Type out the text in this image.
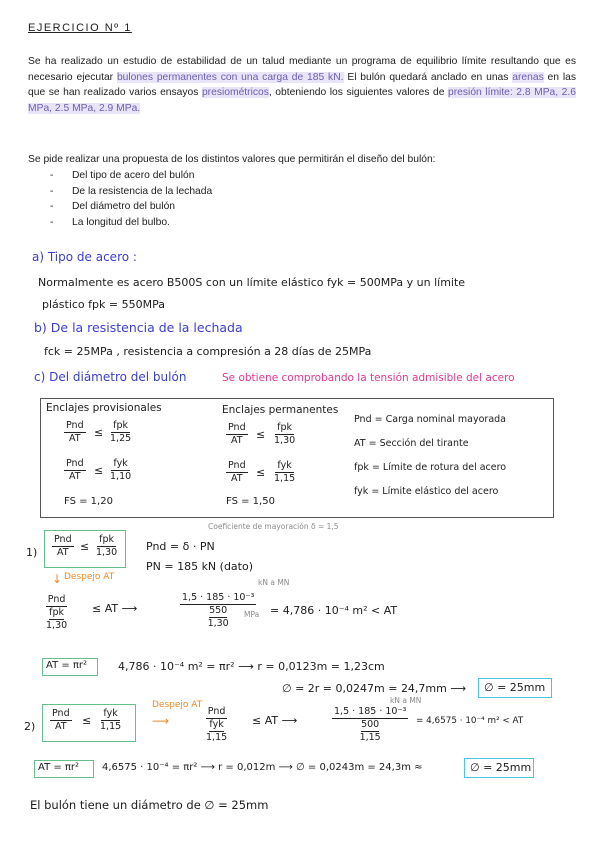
EJERCICIO Nº 1
Se ha realizado un estudio de estabilidad de un talud mediante un programa de equilibrio límite resultando que es necesario ejecutar bulones permanentes con una carga de 185 kN. El bulón quedará anclado en unas arenas en las que se han realizado varios ensayos presiométricos, obteniendo los siguientes valores de presión límite: 2.8 MPa, 2.6 MPa, 2.5 MPa, 2.9 MPa.
Se pide realizar una propuesta de los distintos valores que permitirán el diseño del bulón:
- Del tipo de acero del bulón
- De la resistencia de la lechada
- Del diámetro del bulón
- La longitud del bulbo.
a) Tipo de acero :
Normalmente es acero B500S con un límite elástico fyk = 500MPa y un límite
plástico fpk = 550MPa
b) De la resistencia de la lechada
fck = 25MPa , resistencia a compresión a 28 días de 25MPa
c) Del diámetro del bulón	Se obtiene comprobando la tensión admisible del acero
Enclajes provisionales	Enclajes permanentes
Pnd
AT ≤
fpk
1,25
Pnd
AT ≤
fyk
1,10
FS = 1,20
Pnd
AT ≤
fpk
1,30
Pnd
AT ≤
fyk
1,15
FS = 1,50
Pnd = Carga nominal mayorada
AT = Sección del tirante
fpk = Límite de rotura del acero
fyk = Límite elástico del acero
1)
Pnd
AT ≤
fpk
1,30
Coeficiente de mayoración δ = 1,5
Pnd = δ · PN
PN = 185 kN (dato)
Despejo AT
↓
Pnd
fpk
1,30
≤ AT ⟶
kN a MN
1,5 · 185 · 10⁻³
550
1,30
MPa = 4,786 · 10⁻⁴ m² < AT
AT = πr²	4,786 · 10⁻⁴ m² = πr² ⟶ r = 0,0123m = 1,23cm
∅ = 2r = 0,0247m = 24,7mm ⟶ ∅ = 25mm
2)
Pnd
AT ≤
fyk
1,15
Despejo AT
⟶
Pnd
fyk
1,15
≤ AT ⟶
kN a MN
1,5 · 185 · 10⁻³
500
1,15 = 4,6575 · 10⁻⁴ m² < AT
AT = πr² 4,6575 · 10⁻⁴ = πr² ⟶ r = 0,012m ⟶ ∅ = 0,0243m = 24,3m ≈	∅ = 25mm
El bulón tiene un diámetro de ∅ = 25mm
